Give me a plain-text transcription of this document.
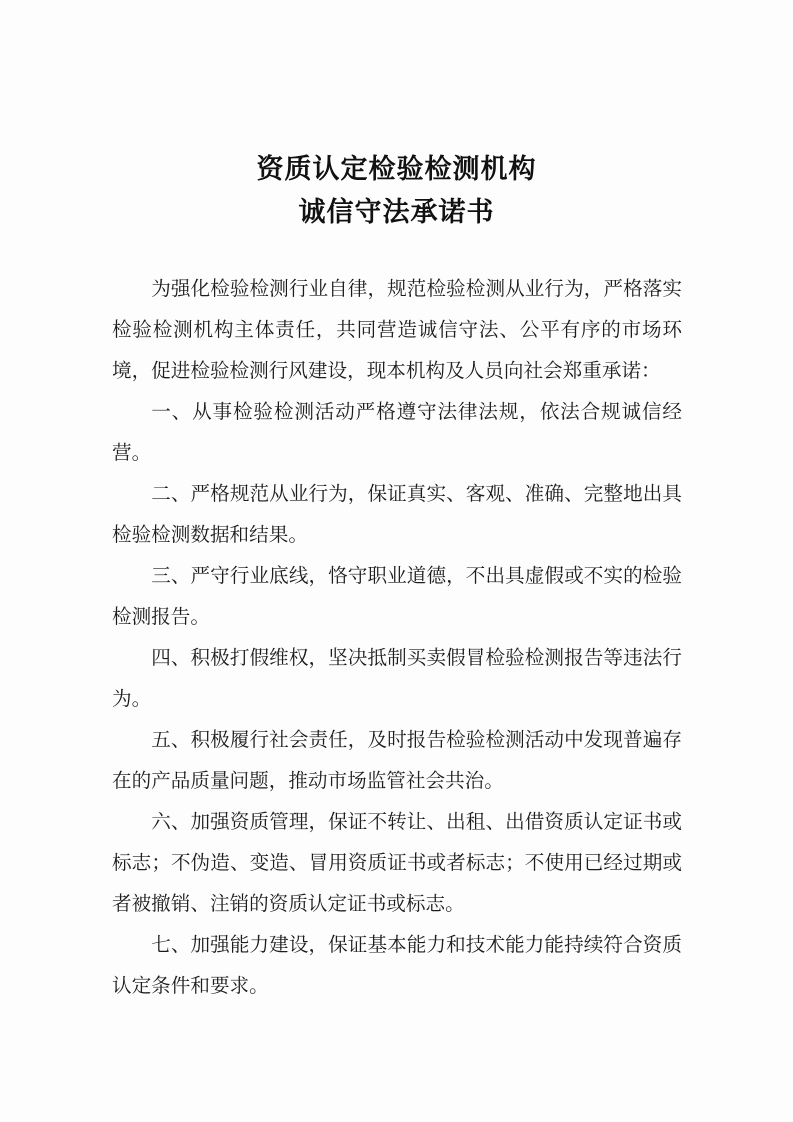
资质认定检验检测机构
诚信守法承诺书

为强化检验检测行业自律，规范检验检测从业行为，严格落实检验检测机构主体责任，共同营造诚信守法、公平有序的市场环境，促进检验检测行风建设，现本机构及人员向社会郑重承诺：

一、从事检验检测活动严格遵守法律法规，依法合规诚信经营。

二、严格规范从业行为，保证真实、客观、准确、完整地出具检验检测数据和结果。

三、严守行业底线，恪守职业道德，不出具虚假或不实的检验检测报告。

四、积极打假维权，坚决抵制买卖假冒检验检测报告等违法行为。

五、积极履行社会责任，及时报告检验检测活动中发现普遍存在的产品质量问题，推动市场监管社会共治。

六、加强资质管理，保证不转让、出租、出借资质认定证书或标志；不伪造、变造、冒用资质证书或者标志；不使用已经过期或者被撤销、注销的资质认定证书或标志。

七、加强能力建设，保证基本能力和技术能力能持续符合资质认定条件和要求。
